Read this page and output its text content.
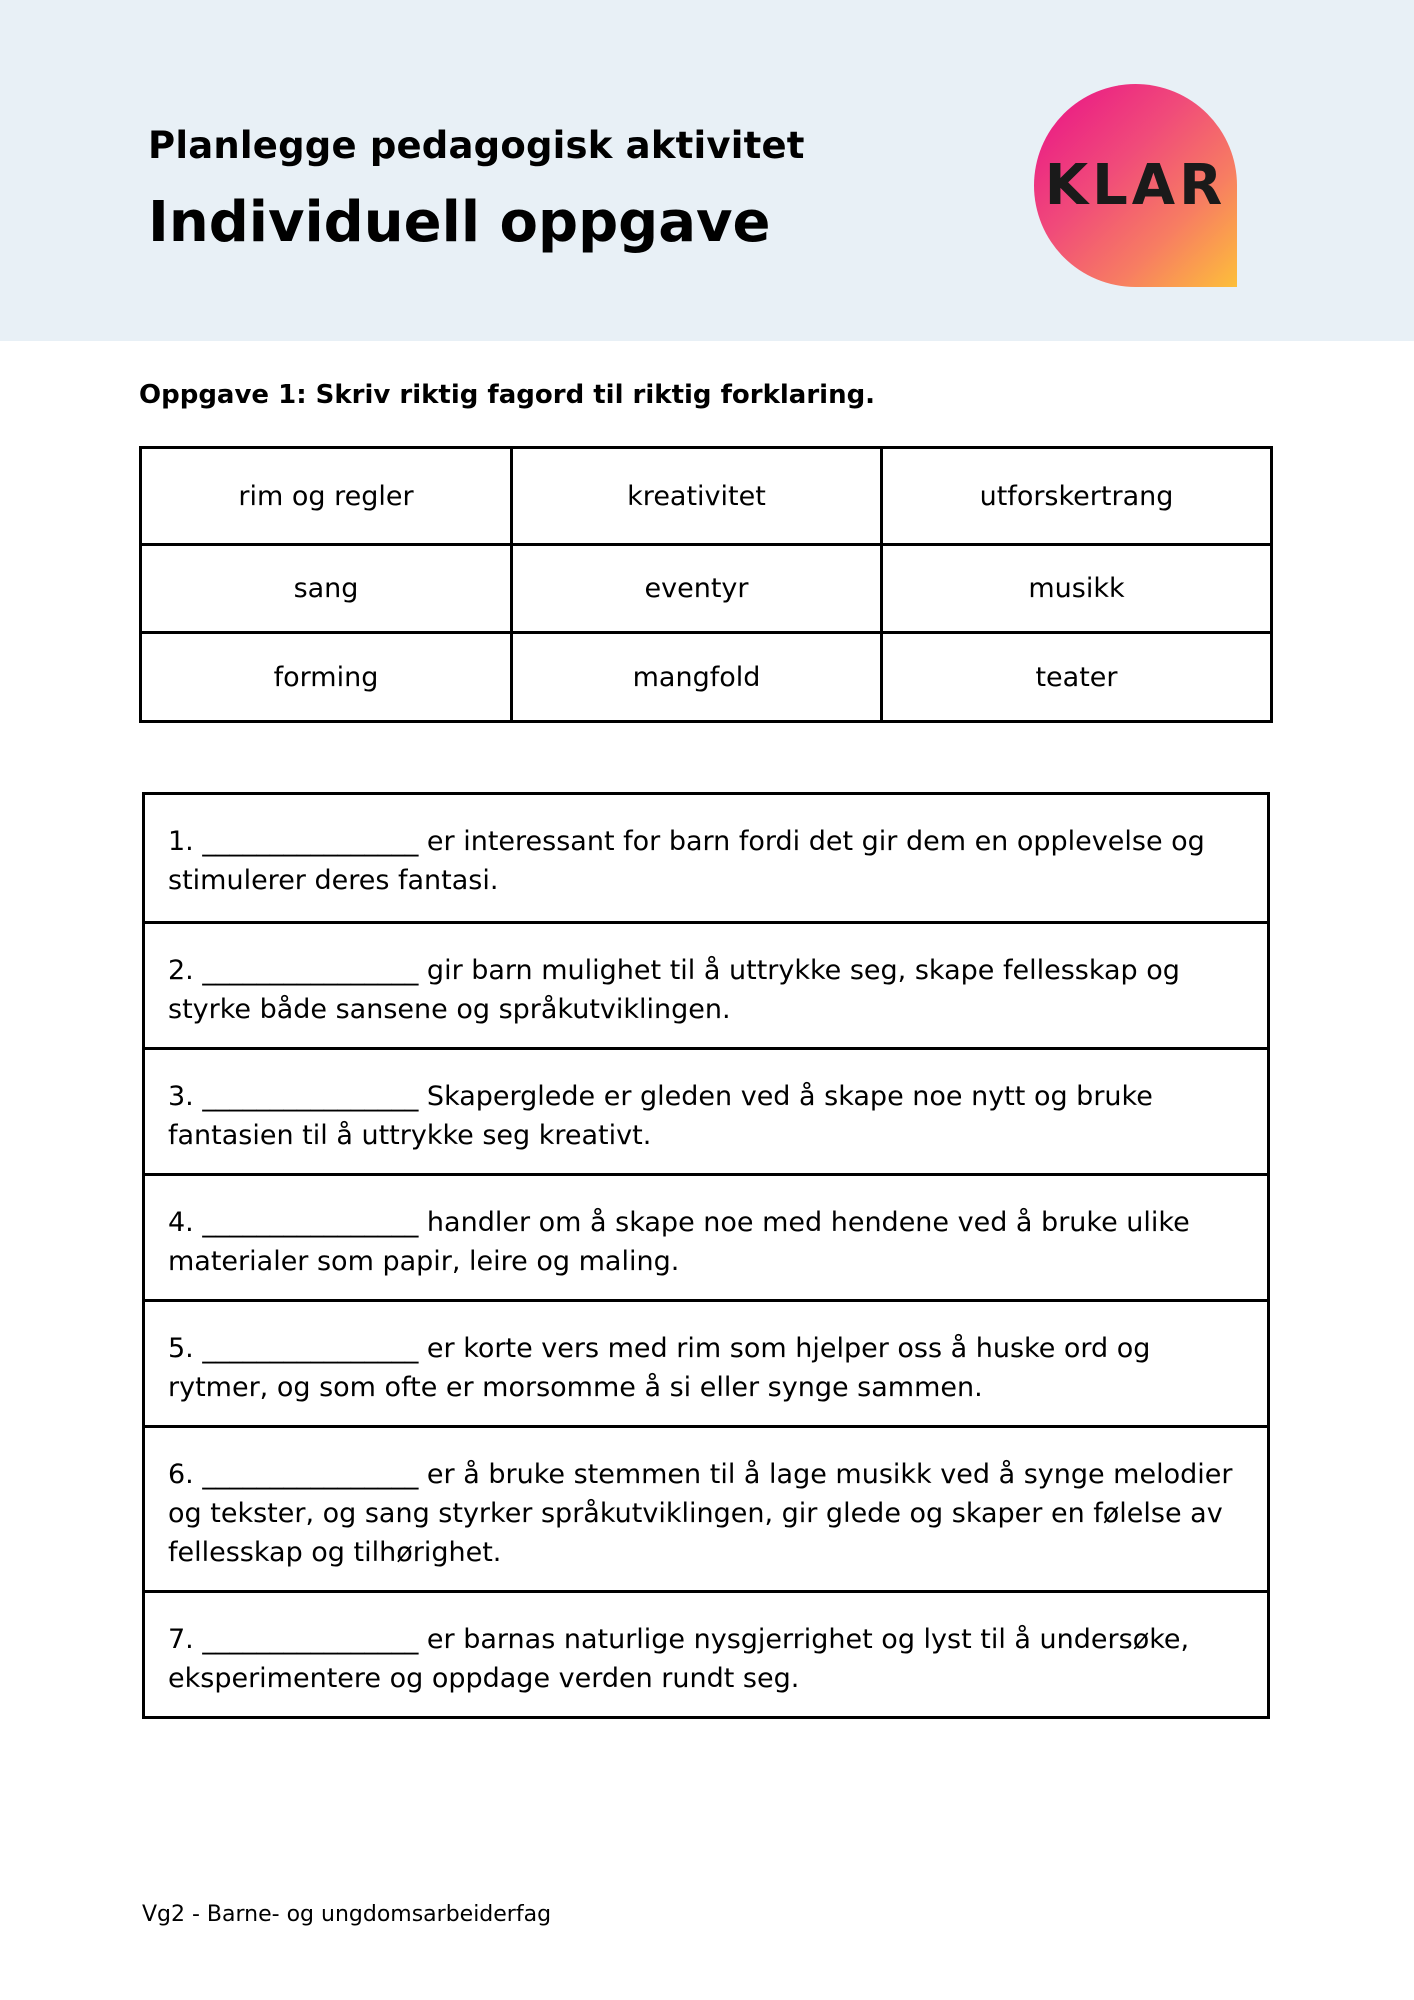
Planlegge pedagogisk aktivitet
Individuell oppgave
KLAR
Oppgave 1: Skriv riktig fagord til riktig forklaring.
rim og regler	kreativitet	utforskertrang
sang	eventyr	musikk
forming	mangfold	teater
1. ________________ er interessant for barn fordi det gir dem en opplevelse og stimulerer deres fantasi.
2. ________________ gir barn mulighet til å uttrykke seg, skape fellesskap og styrke både sansene og språkutviklingen.
3. ________________ Skaperglede er gleden ved å skape noe nytt og bruke fantasien til å uttrykke seg kreativt.
4. ________________ handler om å skape noe med hendene ved å bruke ulike materialer som papir, leire og maling.
5. ________________ er korte vers med rim som hjelper oss å huske ord og rytmer, og som ofte er morsomme å si eller synge sammen.
6. ________________ er å bruke stemmen til å lage musikk ved å synge melodier og tekster, og sang styrker språkutviklingen, gir glede og skaper en følelse av fellesskap og tilhørighet.
7. ________________ er barnas naturlige nysgjerrighet og lyst til å undersøke, eksperimentere og oppdage verden rundt seg.
Vg2 - Barne- og ungdomsarbeiderfag
